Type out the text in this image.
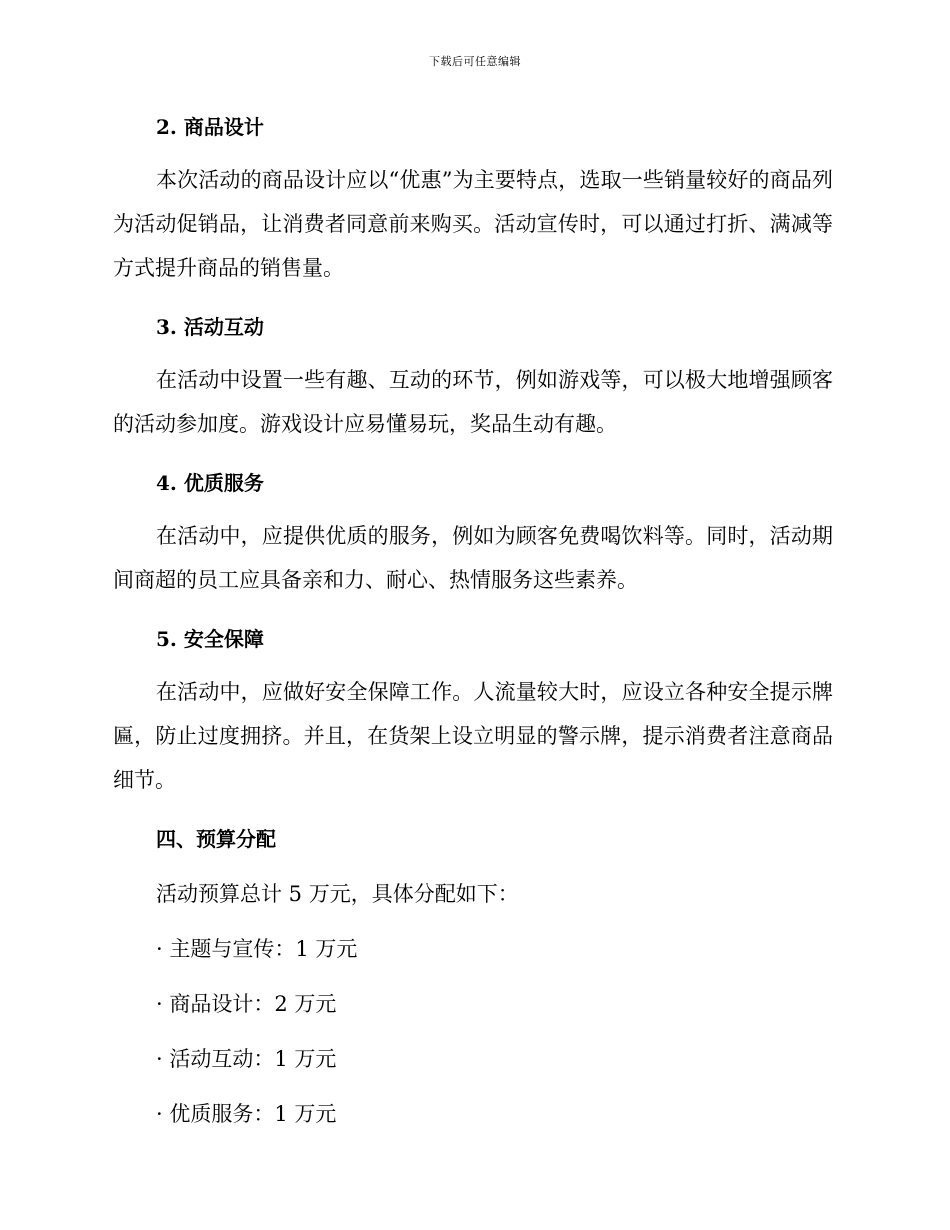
下载后可任意编辑
2. 商品设计

本次活动的商品设计应以“优惠”为主要特点，选取一些销量较好的商品列为活动促销品，让消费者同意前来购买。活动宣传时，可以通过打折、满减等方式提升商品的销售量。

3. 活动互动

在活动中设置一些有趣、互动的环节，例如游戏等，可以极大地增强顾客的活动参加度。游戏设计应易懂易玩，奖品生动有趣。

4. 优质服务

在活动中，应提供优质的服务，例如为顾客免费喝饮料等。同时，活动期间商超的员工应具备亲和力、耐心、热情服务这些素养。

5. 安全保障

在活动中，应做好安全保障工作。人流量较大时，应设立各种安全提示牌匾，防止过度拥挤。并且，在货架上设立明显的警示牌，提示消费者注意商品细节。

四、预算分配

活动预算总计 5 万元，具体分配如下：

· 主题与宣传：1 万元

· 商品设计：2 万元

· 活动互动：1 万元

· 优质服务：1 万元
